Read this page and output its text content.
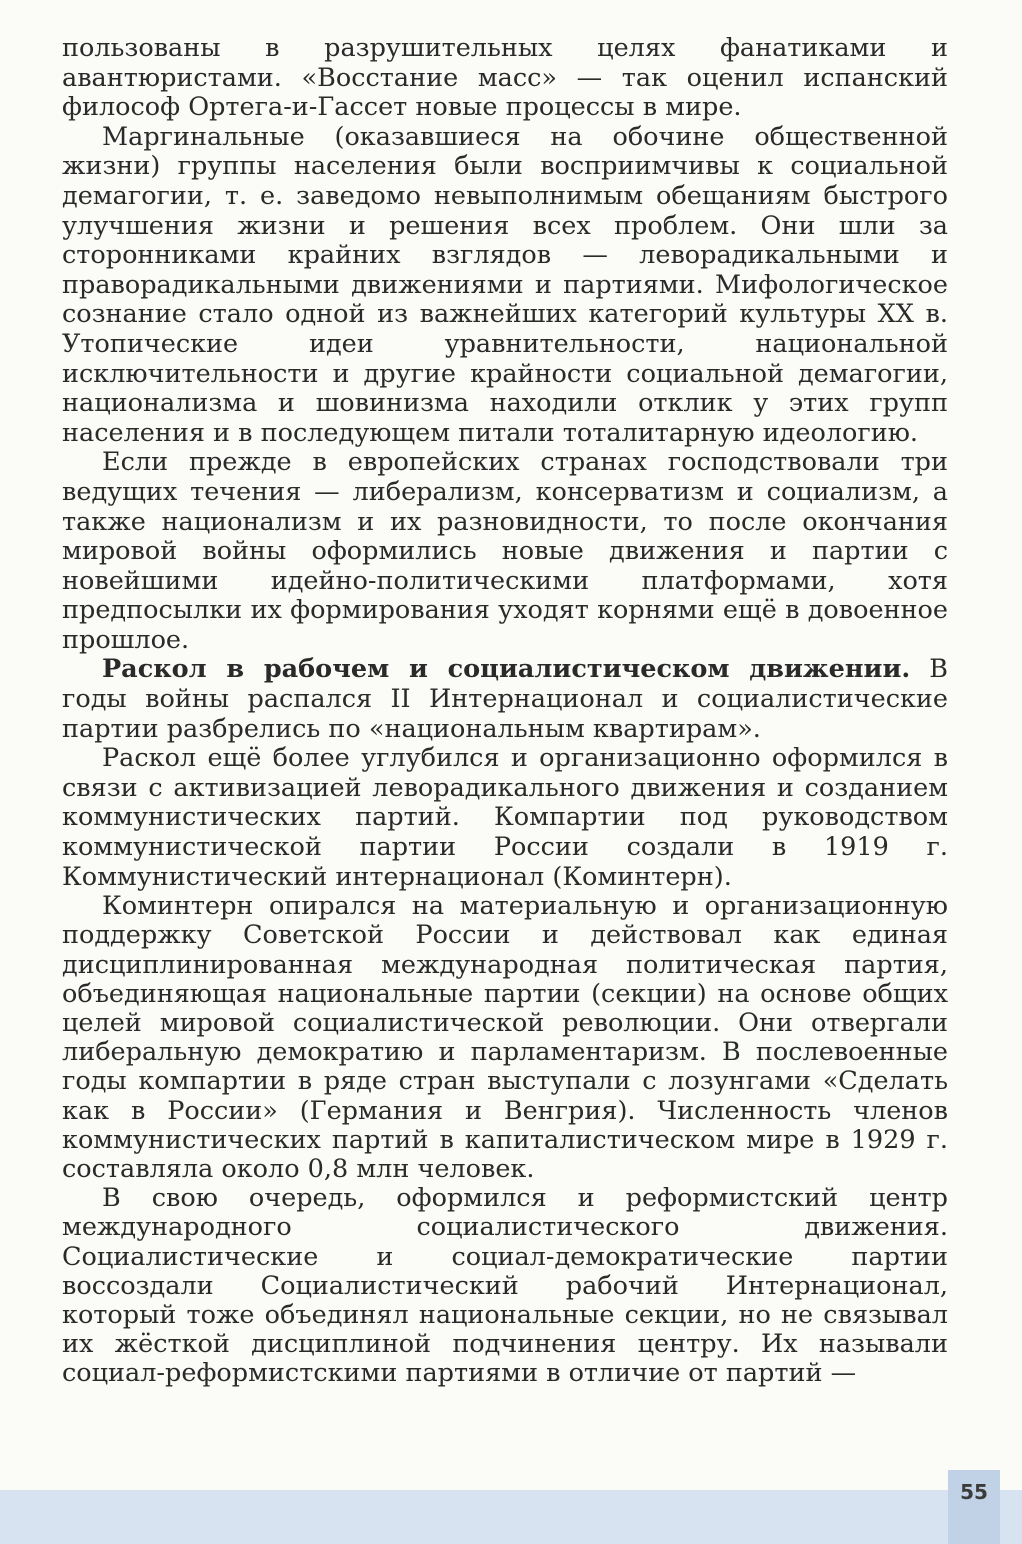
пользованы в разрушительных целях фанатиками и авантюристами. «Восстание масс» — так оценил испанский философ Ортега-и-Гассет новые процессы в мире.

Маргинальные (оказавшиеся на обочине общественной жизни) группы населения были восприимчивы к социальной демагогии, т. е. заведомо невыполнимым обещаниям быстрого улучшения жизни и решения всех проблем. Они шли за сторонниками крайних взглядов — леворадикальными и праворадикальными движениями и партиями. Мифологическое сознание стало одной из важнейших категорий культуры XX в. Утопические идеи уравнительности, национальной исключительности и другие крайности социальной демагогии, национализма и шовинизма находили отклик у этих групп населения и в последующем питали тоталитарную идеологию.

Если прежде в европейских странах господствовали три ведущих течения — либерализм, консерватизм и социализм, а также национализм и их разновидности, то после окончания мировой войны оформились новые движения и партии с новейшими идейно-политическими платформами, хотя предпосылки их формирования уходят корнями ещё в довоенное прошлое.

Раскол в рабочем и социалистическом движении. В годы войны распался II Интернационал и социалистические партии разбрелись по «национальным квартирам».

Раскол ещё более углубился и организационно оформился в связи с активизацией леворадикального движения и созданием коммунистических партий. Компартии под руководством коммунистической партии России создали в 1919 г. Коммунистический интернационал (Коминтерн).

Коминтерн опирался на материальную и организационную поддержку Советской России и действовал как единая дисциплинированная международная политическая партия, объединяющая национальные партии (секции) на основе общих целей мировой социалистической революции. Они отвергали либеральную демократию и парламентаризм. В послевоенные годы компартии в ряде стран выступали с лозунгами «Сделать как в России» (Германия и Венгрия). Численность членов коммунистических партий в капиталистическом мире в 1929 г. составляла около 0,8 млн человек.

В свою очередь, оформился и реформистский центр международного социалистического движения. Социалистические и социал-демократические партии воссоздали Социалистический рабочий Интернационал, который тоже объединял национальные секции, но не связывал их жёсткой дисциплиной подчинения центру. Их называли социал-реформистскими партиями в отличие от партий —

55
